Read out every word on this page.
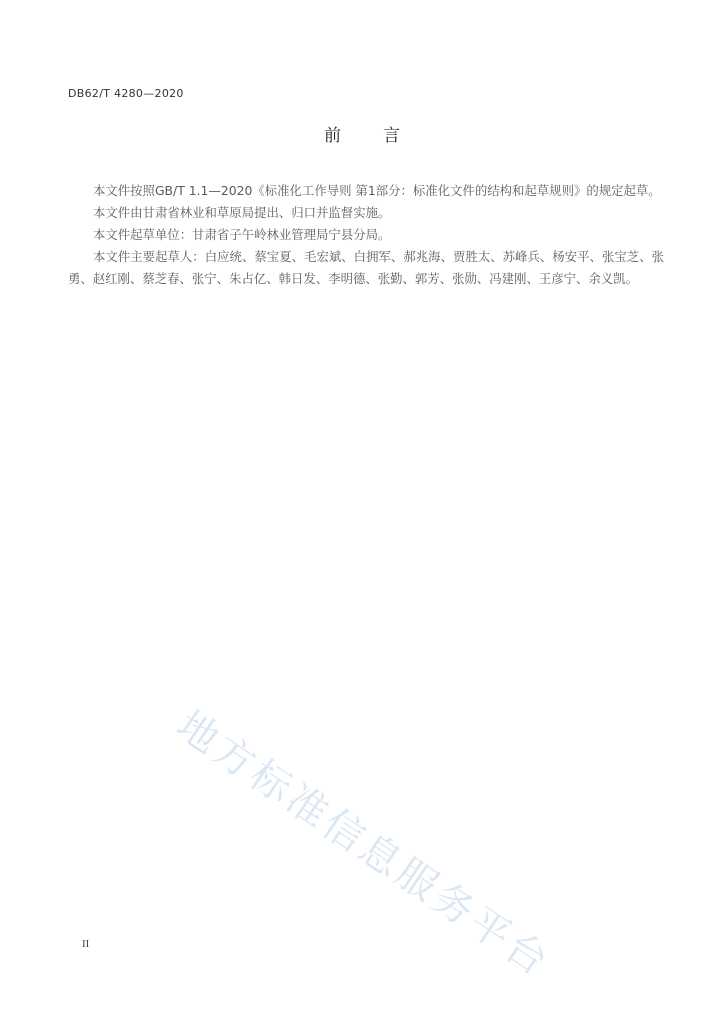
DB62/T 4280—2020
前言

本文件按照GB/T 1.1—2020《标准化工作导则 第1部分：标准化文件的结构和起草规则》的规定起草。

本文件由甘肃省林业和草原局提出、归口并监督实施。

本文件起草单位：甘肃省子午岭林业管理局宁县分局。

本文件主要起草人：白应统、蔡宝夏、毛宏斌、白拥军、郝兆海、贾胜太、苏峰兵、杨安平、张宝芝、张勇、赵红刚、蔡芝春、张宁、朱占亿、韩日发、李明德、张勤、郭芳、张勋、冯建刚、王彦宁、余义凯。

地方标准信息服务平台
II
